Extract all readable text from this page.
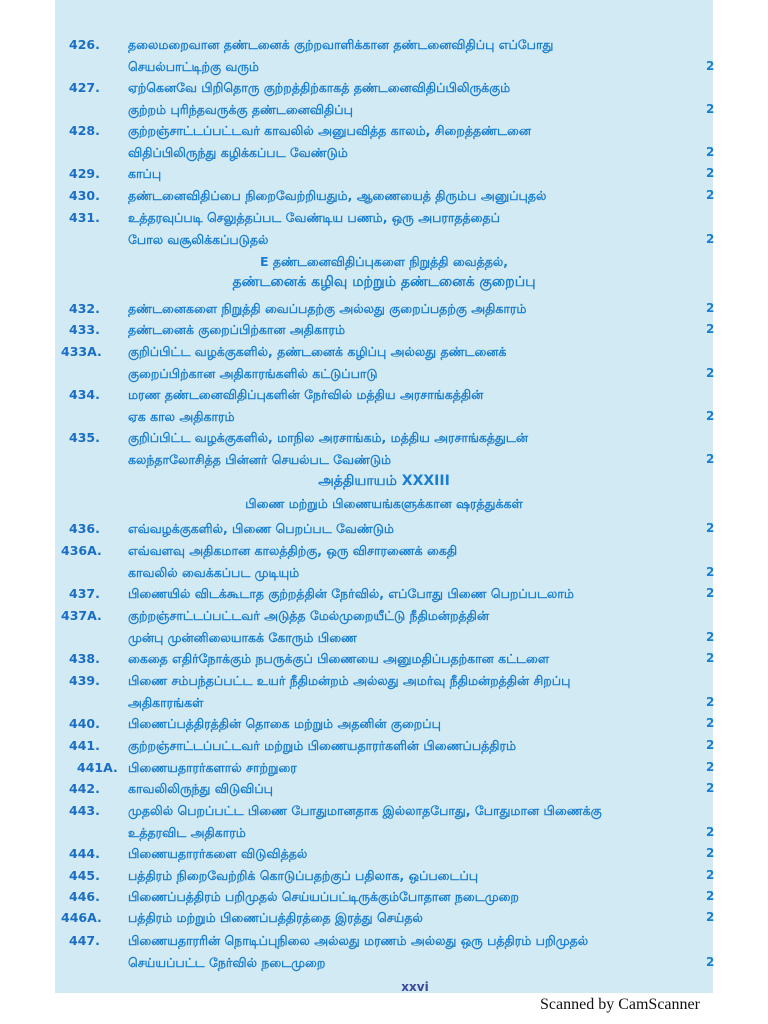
426.	தலைமறைவான தண்டனைக் குற்றவாளிக்கான தண்டனைவிதிப்பு எப்போது
செயல்பாட்டிற்கு வரும்	2
427.	ஏற்கெனவே பிறிதொரு குற்றத்திற்காகத் தண்டனைவிதிப்பிலிருக்கும்
குற்றம் புரிந்தவருக்கு தண்டனைவிதிப்பு	2
428.	குற்றஞ்சாட்டப்பட்டவர் காவலில் அனுபவித்த காலம், சிறைத்தண்டனை
விதிப்பிலிருந்து கழிக்கப்பட வேண்டும்	2
429.	காப்பு	2
430.	தண்டனைவிதிப்பை நிறைவேற்றியதும், ஆணையைத் திரும்ப அனுப்புதல்	2
431.	உத்தரவுப்படி செலுத்தப்பட வேண்டிய பணம், ஒரு அபராதத்தைப்
போல வசூலிக்கப்படுதல்	2
E தண்டனைவிதிப்புகளை நிறுத்தி வைத்தல்,
தண்டனைக் கழிவு மற்றும் தண்டனைக் குறைப்பு
432.	தண்டனைகளை நிறுத்தி வைப்பதற்கு அல்லது குறைப்பதற்கு அதிகாரம்	2
433.	தண்டனைக் குறைப்பிற்கான அதிகாரம்	2
433A.	குறிப்பிட்ட வழக்குகளில், தண்டனைக் கழிப்பு அல்லது தண்டனைக்
குறைப்பிற்கான அதிகாரங்களில் கட்டுப்பாடு	2
434.	மரண தண்டனைவிதிப்புகளின் நேர்வில் மத்திய அரசாங்கத்தின்
ஏக கால அதிகாரம்	2
435.	குறிப்பிட்ட வழக்குகளில், மாநில அரசாங்கம், மத்திய அரசாங்கத்துடன்
கலந்தாலோசித்த பின்னர் செயல்பட வேண்டும்	2
அத்தியாயம் XXXIII
பிணை மற்றும் பிணையங்களுக்கான ஷரத்துக்கள்
436.	எவ்வழக்குகளில், பிணை பெறப்பட வேண்டும்	2
436A.	எவ்வளவு அதிகமான காலத்திற்கு, ஒரு விசாரணைக் கைதி
காவலில் வைக்கப்பட முடியும்	2
437.	பிணையில் விடக்கூடாத குற்றத்தின் நேர்வில், எப்போது பிணை பெறப்படலாம்	2
437A.	குற்றஞ்சாட்டப்பட்டவர் அடுத்த மேல்முறையீட்டு நீதிமன்றத்தின்
முன்பு முன்னிலையாகக் கோரும் பிணை	2
438.	கைதை எதிர்நோக்கும் நபருக்குப் பிணையை அனுமதிப்பதற்கான கட்டளை	2
439.	பிணை சம்பந்தப்பட்ட உயர் நீதிமன்றம் அல்லது அமர்வு நீதிமன்றத்தின் சிறப்பு
அதிகாரங்கள்	2
440.	பிணைப்பத்திரத்தின் தொகை மற்றும் அதனின் குறைப்பு	2
441.	குற்றஞ்சாட்டப்பட்டவர் மற்றும் பிணையதாரர்களின் பிணைப்பத்திரம்	2
441A. பிணையதாரர்களால் சாற்றுரை	2
442.	காவலிலிருந்து விடுவிப்பு	2
443.	முதலில் பெறப்பட்ட பிணை போதுமானதாக இல்லாதபோது, போதுமான பிணைக்கு
உத்தரவிட அதிகாரம்	2
444.	பிணையதாரர்களை விடுவித்தல்	2
445.	பத்திரம் நிறைவேற்றிக் கொடுப்பதற்குப் பதிலாக, ஒப்படைப்பு	2
446.	பிணைப்பத்திரம் பறிமுதல் செய்யப்பட்டிருக்கும்போதான நடைமுறை	2
446A.	பத்திரம் மற்றும் பிணைப்பத்திரத்தை இரத்து செய்தல்	2
447.	பிணையதாரரின் நொடிப்புநிலை அல்லது மரணம் அல்லது ஒரு பத்திரம் பறிமுதல்
செய்யப்பட்ட நேர்வில் நடைமுறை	2
xxvi
Scanned by CamScanner
